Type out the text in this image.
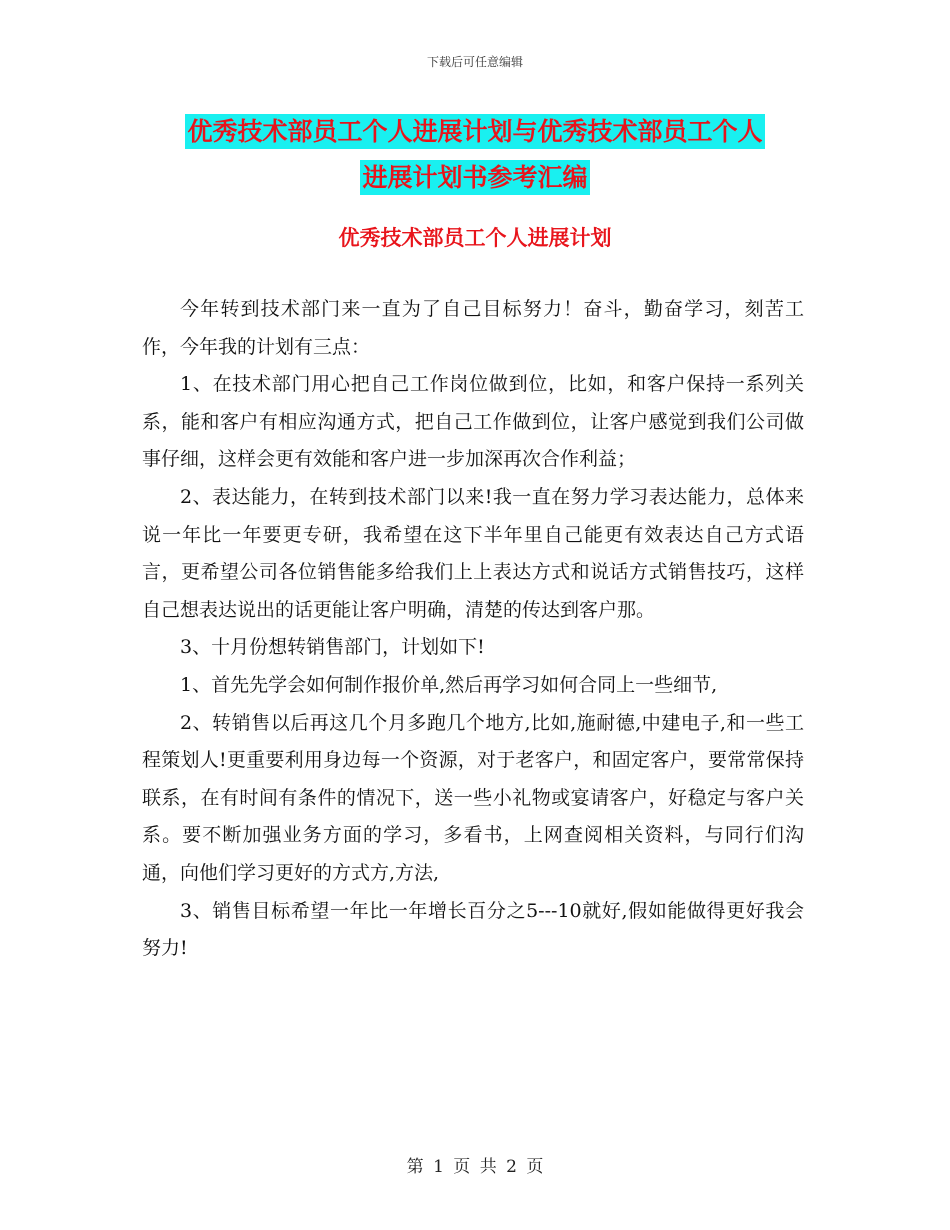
下载后可任意编辑
优秀技术部员工个人进展计划与优秀技术部员工个人
进展计划书参考汇编
优秀技术部员工个人进展计划

今年转到技术部门来一直为了自己目标努力！奋斗，勤奋学习，刻苦工作，今年我的计划有三点：

1、在技术部门用心把自己工作岗位做到位，比如，和客户保持一系列关系，能和客户有相应沟通方式，把自己工作做到位，让客户感觉到我们公司做事仔细，这样会更有效能和客户进一步加深再次合作利益；

2、表达能力，在转到技术部门以来!我一直在努力学习表达能力，总体来说一年比一年要更专研，我希望在这下半年里自己能更有效表达自己方式语言，更希望公司各位销售能多给我们上上表达方式和说话方式销售技巧，这样自己想表达说出的话更能让客户明确，清楚的传达到客户那。

3、十月份想转销售部门，计划如下!

1、首先先学会如何制作报价单,然后再学习如何合同上一些细节,

2、转销售以后再这几个月多跑几个地方,比如,施耐德,中建电子,和一些工程策划人!更重要利用身边每一个资源，对于老客户，和固定客户，要常常保持联系，在有时间有条件的情况下，送一些小礼物或宴请客户，好稳定与客户关系。要不断加强业务方面的学习，多看书，上网查阅相关资料，与同行们沟通，向他们学习更好的方式方,方法,

3、销售目标希望一年比一年增长百分之5---10就好,假如能做得更好我会努力!

第 1 页 共 2 页
